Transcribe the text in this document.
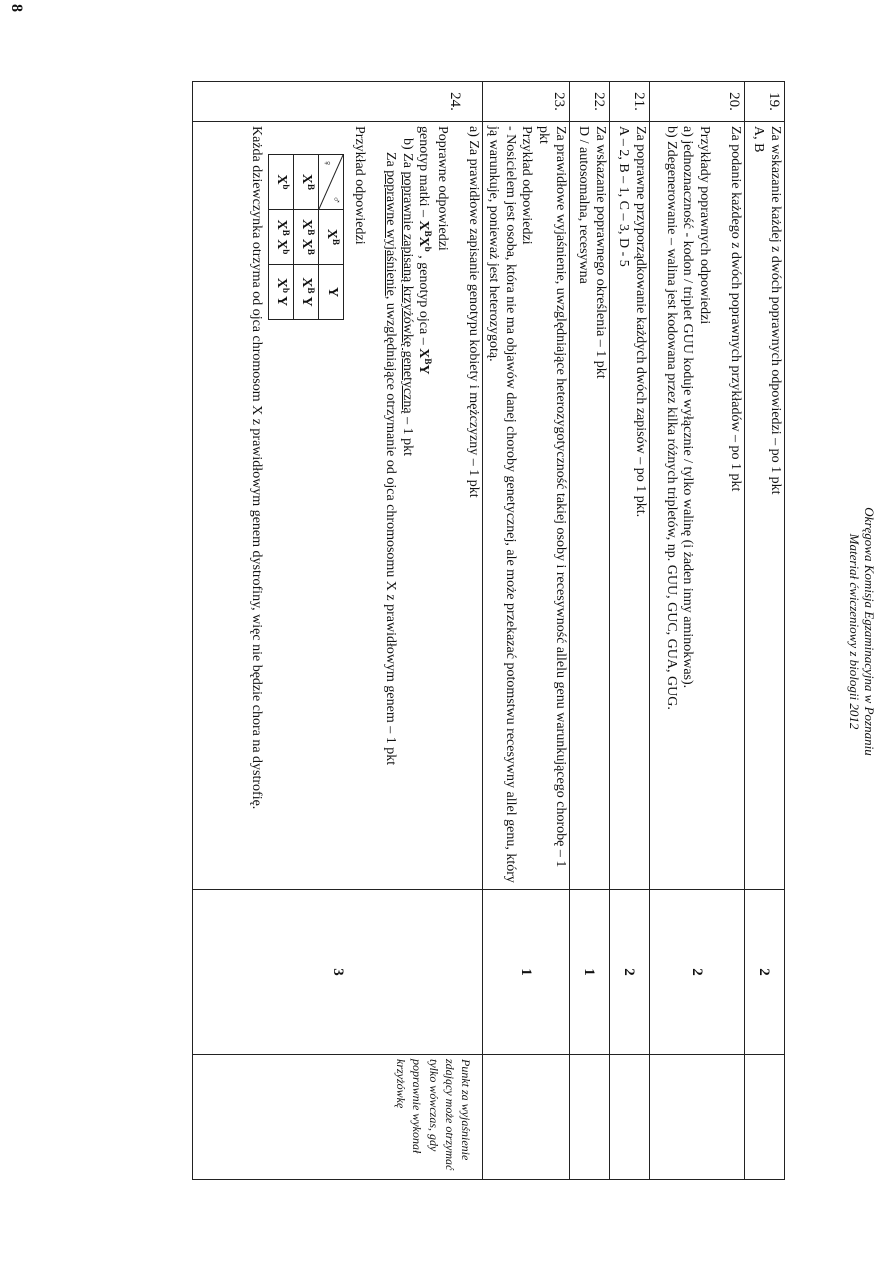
Okręgowa Komisja Egzaminacyjna w Poznaniu
Materiał ćwiczeniowy z biologii 2012
19.	
Za wskazanie każdej z dwóch poprawnych odpowiedzi – po 1 pkt
A, B
	2	
20.	
Za podanie każdego z dwóch poprawnych przykładów – po 1 pkt
Przykłady poprawnych odpowiedzi
a) jednoznaczność - kodon / triplet GUU koduje wyłącznie / tylko walinę (i żaden inny aminokwas).
b) Zdegenerowanie – walina jest kodowana przez kilka różnych tripletów, np. GUU, GUC, GUA, GUG.
	2	
21.	
Za poprawne przyporządkowanie każdych dwóch zapisów – po 1 pkt.
A – 2, B – 1, C – 3, D - 5
	2	
22.	
Za wskazanie poprawnego określenia – 1 pkt
D / autosomalna, recesywna
	1	
23.	
Za prawidłowe wyjaśnienie, uwzględniające heterozygotyczność takiej osoby i recesywność allelu genu warunkującego chorobę – 1 pkt
Przykład odpowiedzi
- Nosicielem jest osoba, która nie ma objawów danej choroby genetycznej, ale może przekazać potomstwu recesywny allel genu, który ją warunkuje, ponieważ jest heterozygotą.
	1	
24.	
a) Za prawidłowe zapisanie genotypu kobiety i mężczyzny – 1 pkt
Poprawne odpowiedzi
genotyp matki – $X^BX^b$ , genotyp ojca – $X^BY$
b) Za poprawnie zapisaną krzyżówkę genetyczną – 1 pkt
Za poprawne wyjaśnienie, uwzględniające otrzymanie od ojca chromosomu X z prawidłowym genem – 1 pkt
Przykład odpowiedzi
♀
♂
	$X^B$	Y
$X^B$	$X^B$ $X^B$	$X^B$ Y
$X^b$	$X^B$ $X^b$	$X^b$ Y
Każda dziewczynka otrzyma od ojca chromosom X z prawidłowym genem dystrofiny, więc nie będzie chora na dystrofię.
	3	Punkt za wyjaśnienie zdający może otrzymać tylko wówczas, gdy poprawnie wykonał krzyżówkę
8
